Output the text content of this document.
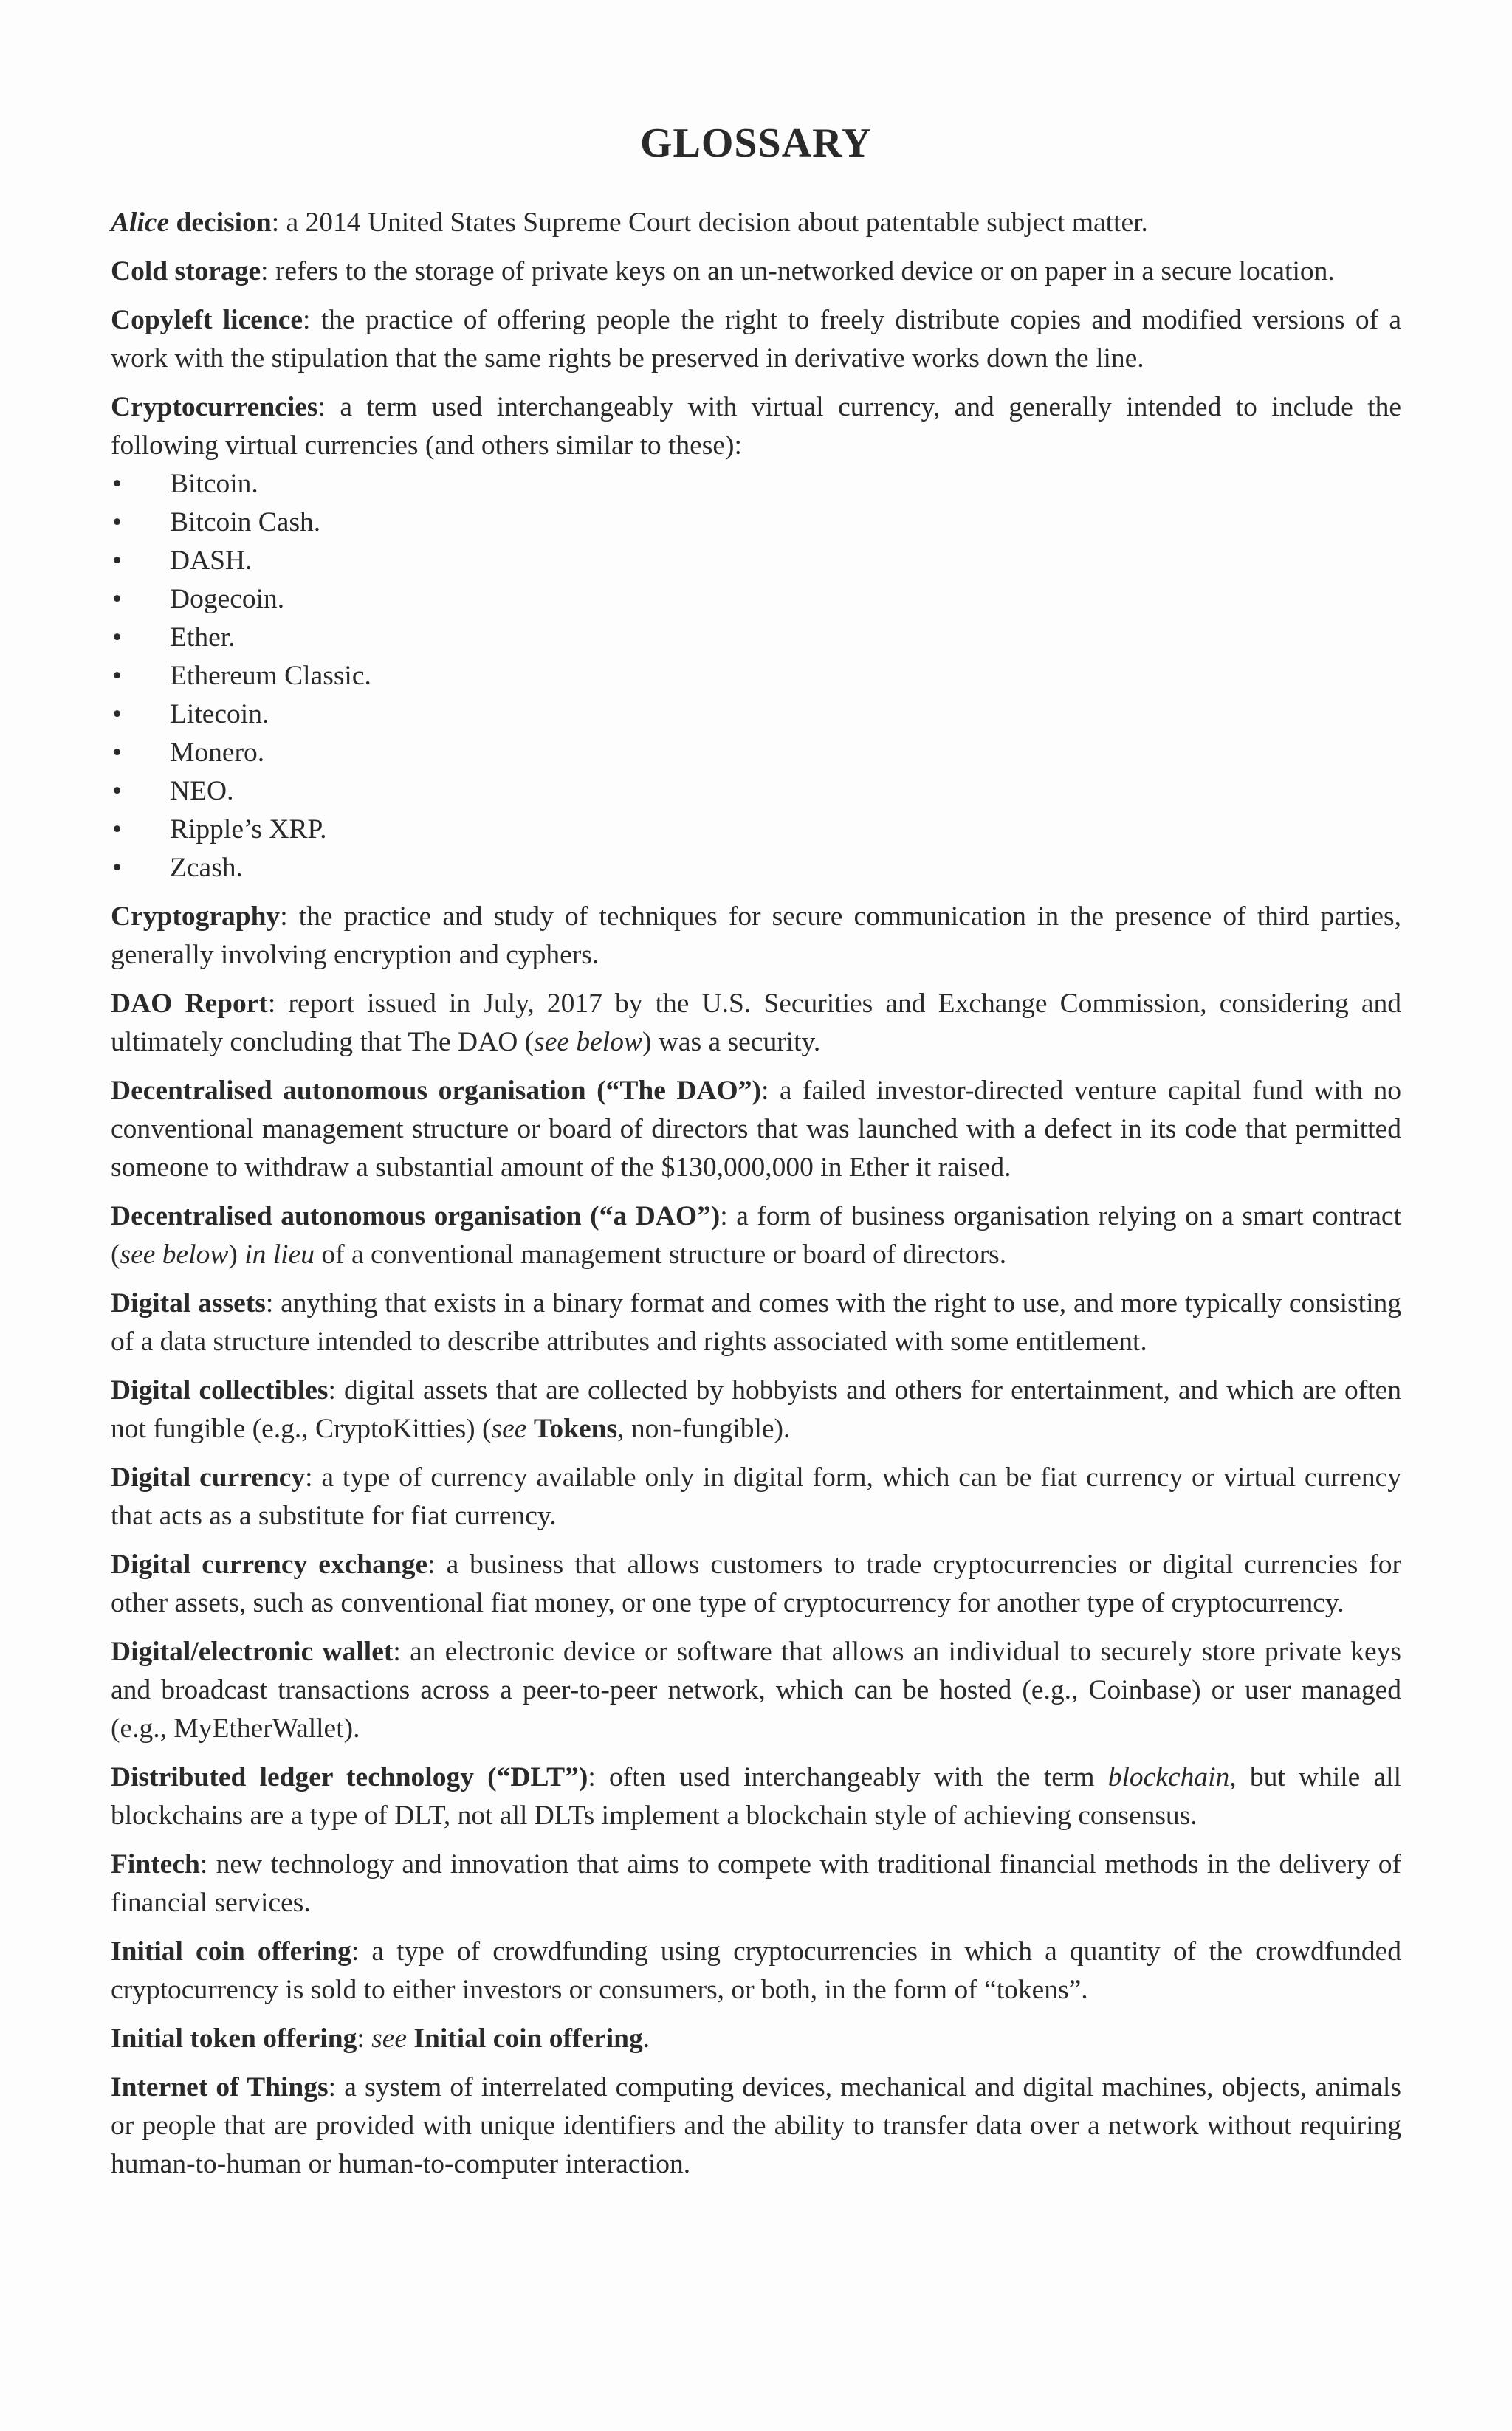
GLOSSARY

Alice decision: a 2014 United States Supreme Court decision about patentable subject matter.

Cold storage: refers to the storage of private keys on an un-networked device or on paper in a secure location.

Copyleft licence: the practice of offering people the right to freely distribute copies and modified versions of a work with the stipulation that the same rights be preserved in derivative works down the line.

Cryptocurrencies: a term used interchangeably with virtual currency, and generally intended to include the following virtual currencies (and others similar to these):

• Bitcoin.
• Bitcoin Cash.
• DASH.
• Dogecoin.
• Ether.
• Ethereum Classic.
• Litecoin.
• Monero.
• NEO.
• Ripple’s XRP.
• Zcash.

Cryptography: the practice and study of techniques for secure communication in the presence of third parties, generally involving encryption and cyphers.

DAO Report: report issued in July, 2017 by the U.S. Securities and Exchange Commission, considering and ultimately concluding that The DAO (see below) was a security.

Decentralised autonomous organisation (“The DAO”): a failed investor-directed venture capital fund with no conventional management structure or board of directors that was launched with a defect in its code that permitted someone to withdraw a substantial amount of the $130,000,000 in Ether it raised.

Decentralised autonomous organisation (“a DAO”): a form of business organisation relying on a smart contract (see below) in lieu of a conventional management structure or board of directors.

Digital assets: anything that exists in a binary format and comes with the right to use, and more typically consisting of a data structure intended to describe attributes and rights associated with some entitlement.

Digital collectibles: digital assets that are collected by hobbyists and others for entertainment, and which are often not fungible (e.g., CryptoKitties) (see Tokens, non-fungible).

Digital currency: a type of currency available only in digital form, which can be fiat currency or virtual currency that acts as a substitute for fiat currency.

Digital currency exchange: a business that allows customers to trade cryptocurrencies or digital currencies for other assets, such as conventional fiat money, or one type of cryptocurrency for another type of cryptocurrency.

Digital/electronic wallet: an electronic device or software that allows an individual to securely store private keys and broadcast transactions across a peer-to-peer network, which can be hosted (e.g., Coinbase) or user managed (e.g., MyEtherWallet).

Distributed ledger technology (“DLT”): often used interchangeably with the term blockchain, but while all blockchains are a type of DLT, not all DLTs implement a blockchain style of achieving consensus.

Fintech: new technology and innovation that aims to compete with traditional financial methods in the delivery of financial services.

Initial coin offering: a type of crowdfunding using cryptocurrencies in which a quantity of the crowdfunded cryptocurrency is sold to either investors or consumers, or both, in the form of “tokens”.

Initial token offering: see Initial coin offering.

Internet of Things: a system of interrelated computing devices, mechanical and digital machines, objects, animals or people that are provided with unique identifiers and the ability to transfer data over a network without requiring human-to-human or human-to-computer interaction.
